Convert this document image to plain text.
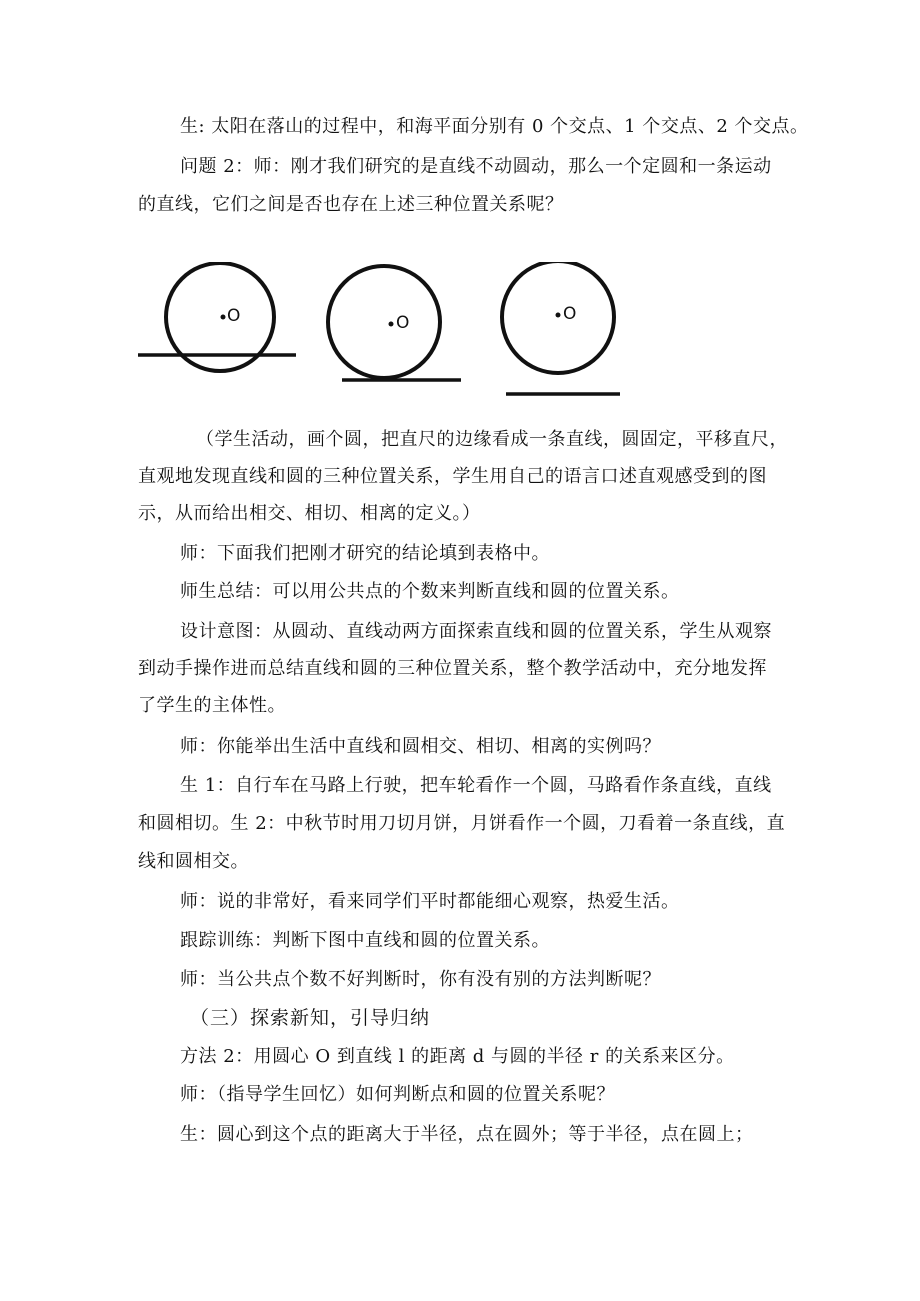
生: 太阳在落山的过程中，和海平面分别有 0 个交点、1 个交点、2 个交点。
问题 2：师：刚才我们研究的是直线不动圆动，那么一个定圆和一条运动
的直线，它们之间是否也存在上述三种位置关系呢？
O	O	O
（学生活动，画个圆，把直尺的边缘看成一条直线，圆固定，平移直尺，
直观地发现直线和圆的三种位置关系，学生用自己的语言口述直观感受到的图
示，从而给出相交、相切、相离的定义。）
师：下面我们把刚才研究的结论填到表格中。
师生总结：可以用公共点的个数来判断直线和圆的位置关系。
设计意图：从圆动、直线动两方面探索直线和圆的位置关系，学生从观察
到动手操作进而总结直线和圆的三种位置关系，整个教学活动中，充分地发挥
了学生的主体性。
师：你能举出生活中直线和圆相交、相切、相离的实例吗？
生 1：自行车在马路上行驶，把车轮看作一个圆，马路看作条直线，直线
和圆相切。生 2：中秋节时用刀切月饼，月饼看作一个圆，刀看着一条直线，直
线和圆相交。
师：说的非常好，看来同学们平时都能细心观察，热爱生活。
跟踪训练：判断下图中直线和圆的位置关系。
师：当公共点个数不好判断时，你有没有别的方法判断呢？
（三）探索新知，引导归纳
方法 2：用圆心 O 到直线 l 的距离 d 与圆的半径 r 的关系来区分。
师：（指导学生回忆）如何判断点和圆的位置关系呢？
生：圆心到这个点的距离大于半径，点在圆外；等于半径，点在圆上；
